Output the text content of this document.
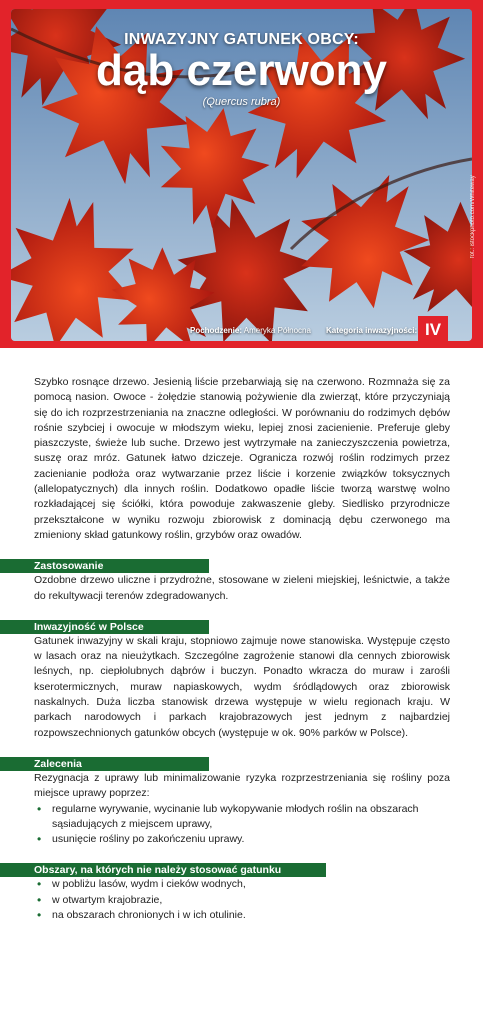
INWAZYJNY GATUNEK OBCY:
dąb czerwony
(Quercus rubra)
fot.: istockphoto.com/Whiteway
Pochodzenie: Ameryka Północna Kategoria inwazyjności: IV

Szybko rosnące drzewo. Jesienią liście przebarwiają się na czerwono. Rozmnaża się za pomocą nasion. Owoce - żołędzie stanowią pożywienie dla zwierząt, które przyczyniają się do ich rozprzestrzeniania na znaczne odległości. W porównaniu do rodzimych dębów rośnie szybciej i owocuje w młodszym wieku, lepiej znosi zacienienie. Preferuje gleby piaszczyste, świeże lub suche. Drzewo jest wytrzymałe na zanieczyszczenia powietrza, suszę oraz mróz. Gatunek łatwo dziczeje. Ogranicza rozwój roślin rodzimych przez zacienianie podłoża oraz wytwarzanie przez liście i korzenie związków toksycznych (allelopatycznych) dla innych roślin. Dodatkowo opadłe liście tworzą warstwę wolno rozkładającej się ściółki, która powoduje zakwaszenie gleby. Siedlisko przyrodnicze przekształcone w wyniku rozwoju zbiorowisk z dominacją dębu czerwonego ma zmieniony skład gatunkowy roślin, grzybów oraz owadów.

Zastosowanie

Ozdobne drzewo uliczne i przydrożne, stosowane w zieleni miejskiej, leśnictwie, a także do rekultywacji terenów zdegradowanych.

Inwazyjność w Polsce

Gatunek inwazyjny w skali kraju, stopniowo zajmuje nowe stanowiska. Występuje często w lasach oraz na nieużytkach. Szczególne zagrożenie stanowi dla cennych zbiorowisk leśnych, np. ciepłolubnych dąbrów i buczyn. Ponadto wkracza do muraw i zarośli kserotermicznych, muraw napiaskowych, wydm śródlądowych oraz zbiorowisk naskalnych. Duża liczba stanowisk drzewa występuje w wielu regionach kraju. W parkach narodowych i parkach krajobrazowych jest jednym z najbardziej rozpowszechnionych gatunków obcych (występuje w ok. 90% parków w Polsce).

Zalecenia

Rezygnacja z uprawy lub minimalizowanie ryzyka rozprzestrzeniania się rośliny poza miejsce uprawy poprzez:

• regularne wyrywanie, wycinanie lub wykopywanie młodych roślin na obszarach sąsiadujących z miejscem uprawy,
• usunięcie rośliny po zakończeniu uprawy.
Obszary, na których nie należy stosować gatunku
• w pobliżu lasów, wydm i cieków wodnych,
• w otwartym krajobrazie,
• na obszarach chronionych i w ich otulinie.
